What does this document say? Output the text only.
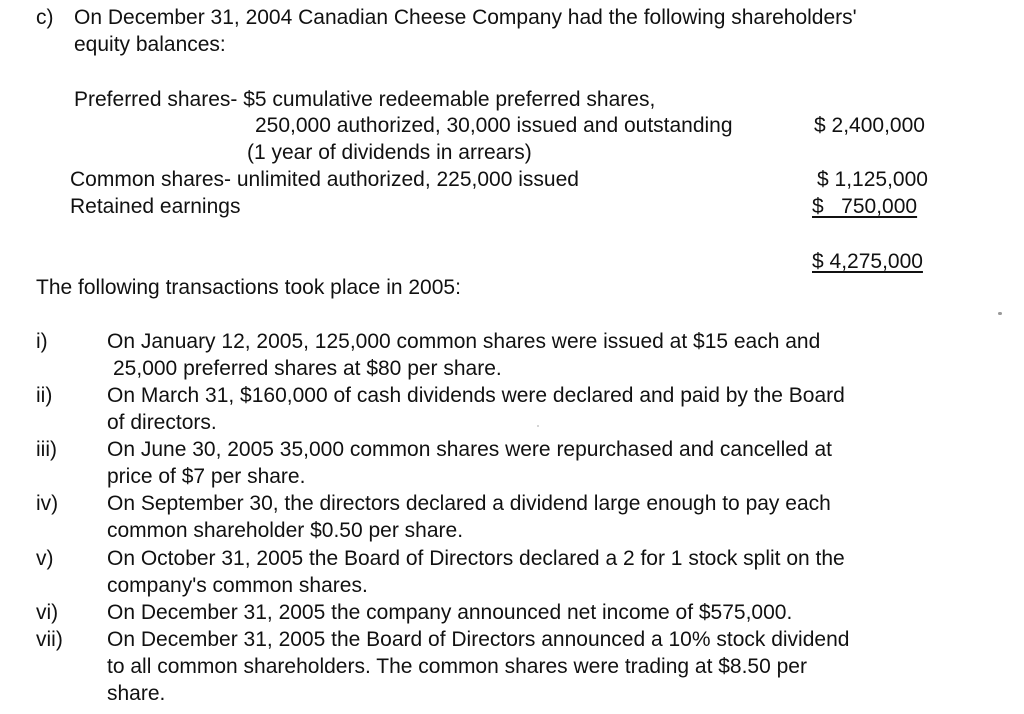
c) On December 31, 2004 Canadian Cheese Company had the following shareholders'
equity balances:
Preferred shares- $5 cumulative redeemable preferred shares,
250,000 authorized, 30,000 issued and outstanding	$ 2,400,000
(1 year of dividends in arrears)
Common shares- unlimited authorized, 225,000 issued	$ 1,125,000
Retained earnings	$   750,000
$ 4,275,000
The following transactions took place in 2005:
i)	On January 12, 2005, 125,000 common shares were issued at $15 each and
25,000 preferred shares at $80 per share.
ii)	On March 31, $160,000 of cash dividends were declared and paid by the Board
of directors.
iii) On June 30, 2005 35,000 common shares were repurchased and cancelled at
price of $7 per share.
iv) On September 30, the directors declared a dividend large enough to pay each
common shareholder $0.50 per share.
v)	On October 31, 2005 the Board of Directors declared a 2 for 1 stock split on the
company's common shares.
vi) On December 31, 2005 the company announced net income of $575,000.
vii) On December 31, 2005 the Board of Directors announced a 10% stock dividend
to all common shareholders. The common shares were trading at $8.50 per
share.
